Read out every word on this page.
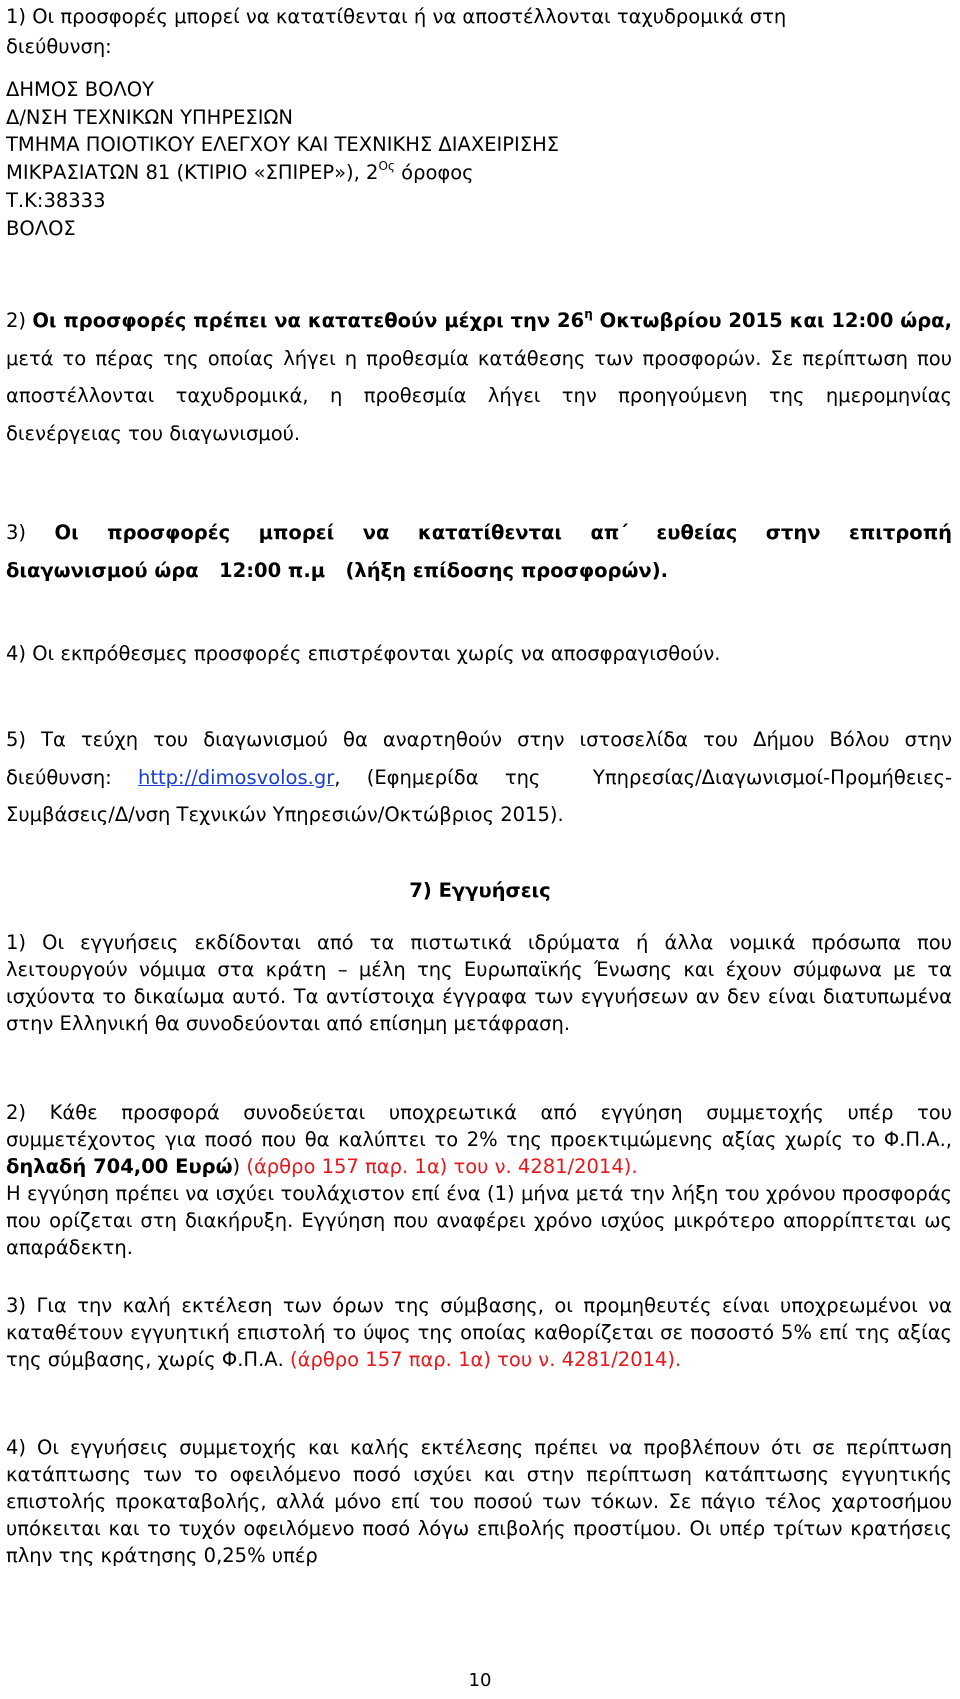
1) Οι προσφορές μπορεί να κατατίθενται ή να αποστέλλονται ταχυδρομικά στη
διεύθυνση:
ΔΗΜΟΣ ΒΟΛΟΥ
Δ/ΝΣΗ ΤΕΧΝΙΚΩΝ ΥΠΗΡΕΣΙΩΝ
ΤΜΗΜΑ ΠΟΙΟΤΙΚΟΥ ΕΛΕΓΧΟΥ ΚΑΙ ΤΕΧΝΙΚΗΣ ΔΙΑΧΕΙΡΙΣΗΣ
ΜΙΚΡΑΣΙΑΤΩΝ 81 (ΚΤΙΡΙΟ «ΣΠΙΡΕΡ»), $2^{O\varsigma}$ όροφος
Τ.Κ:38333
ΒΟΛΟΣ

2) Οι προσφορές πρέπει να κατατεθούν μέχρι την $26^\eta$ Οκτωβρίου 2015 και 12:00 ώρα, μετά το πέρας της οποίας λήγει η προθεσμία κατάθεσης των προσφορών. Σε περίπτωση που αποστέλλονται ταχυδρομικά, η προθεσμία λήγει την προηγούμενη της ημερομηνίας διενέργειας του διαγωνισμού.

3) Οι προσφορές μπορεί να κατατίθενται απ΄ ευθείας στην επιτροπή
διαγωνισμού ώρα   12:00 π.μ   (λήξη επίδοσης προσφορών).

4) Οι εκπρόθεσμες προσφορές επιστρέφονται χωρίς να αποσφραγισθούν.

5) Τα τεύχη του διαγωνισμού θα αναρτηθούν στην ιστοσελίδα του Δήμου Βόλου στην διεύθυνση: http://dimosvolos.gr, (Εφημερίδα της  Υπηρεσίας/Διαγωνισμοί-Προμήθειες-Συμβάσεις/Δ/νση Τεχνικών Υπηρεσιών/Οκτώβριος 2015).

7) Εγγυήσεις

1) Οι εγγυήσεις εκδίδονται από τα πιστωτικά ιδρύματα ή άλλα νομικά πρόσωπα που λειτουργούν νόμιμα στα κράτη – μέλη της Ευρωπαϊκής Ένωσης και έχουν σύμφωνα με τα ισχύοντα το δικαίωμα αυτό. Τα αντίστοιχα έγγραφα των εγγυήσεων αν δεν είναι διατυπωμένα στην Ελληνική θα συνοδεύονται από επίσημη μετάφραση.

2) Κάθε προσφορά συνοδεύεται υποχρεωτικά από εγγύηση συμμετοχής υπέρ του συμμετέχοντος για ποσό που θα καλύπτει το 2% της προεκτιμώμενης αξίας χωρίς το Φ.Π.Α., δηλαδή 704,00 Ευρώ) (άρθρο 157 παρ. 1α) του ν. 4281/2014).
Η εγγύηση πρέπει να ισχύει τουλάχιστον επί ένα (1) μήνα μετά την λήξη του χρόνου προσφοράς που ορίζεται στη διακήρυξη. Εγγύηση που αναφέρει χρόνο ισχύος μικρότερο απορρίπτεται ως απαράδεκτη.

3) Για την καλή εκτέλεση των όρων της σύμβασης, οι προμηθευτές είναι υποχρεωμένοι να καταθέτουν εγγυητική επιστολή το ύψος της οποίας καθορίζεται σε ποσοστό 5% επί της αξίας της σύμβασης, χωρίς Φ.Π.Α. (άρθρο 157 παρ. 1α) του ν. 4281/2014).

4) Οι εγγυήσεις συμμετοχής και καλής εκτέλεσης πρέπει να προβλέπουν ότι σε περίπτωση κατάπτωσης των το οφειλόμενο ποσό ισχύει και στην περίπτωση κατάπτωσης εγγυητικής επιστολής προκαταβολής, αλλά μόνο επί του ποσού των τόκων. Σε πάγιο τέλος χαρτοσήμου υπόκειται και το τυχόν οφειλόμενο ποσό λόγω επιβολής προστίμου. Οι υπέρ τρίτων κρατήσεις πλην της κράτησης 0,25% υπέρ

10
